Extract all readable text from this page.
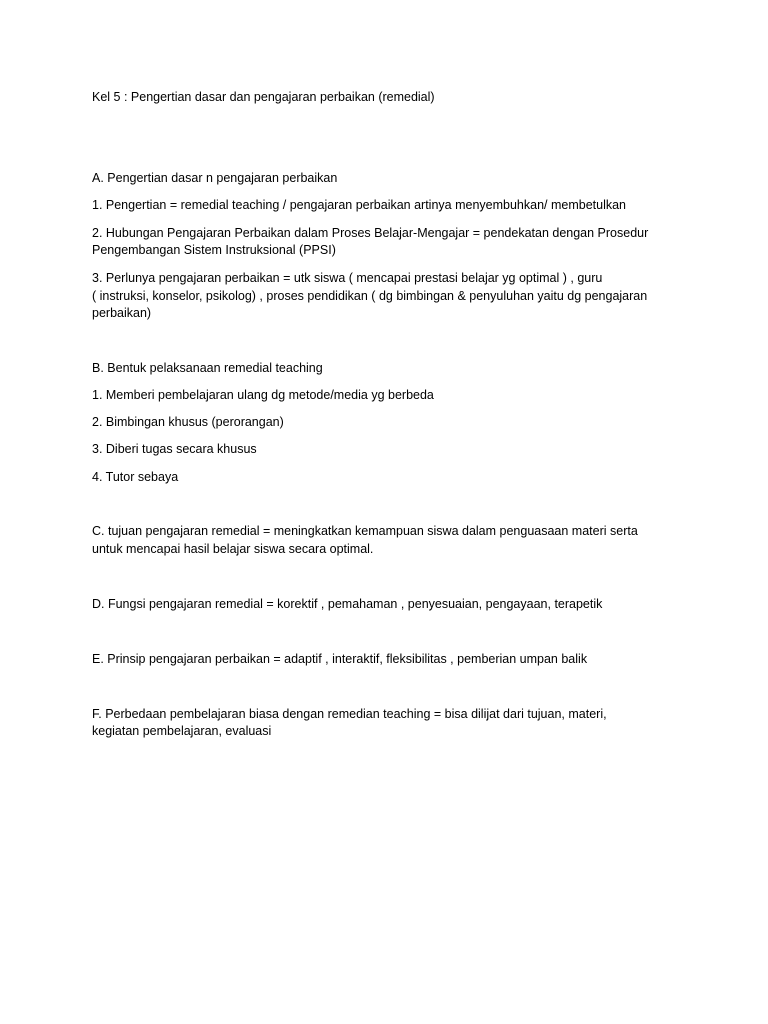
Kel 5 : Pengertian dasar dan pengajaran perbaikan (remedial)
A. Pengertian dasar n pengajaran perbaikan
1. Pengertian = remedial teaching / pengajaran perbaikan artinya menyembuhkan/ membetulkan
2. Hubungan Pengajaran Perbaikan dalam Proses Belajar-Mengajar = pendekatan dengan Prosedur
Pengembangan Sistem Instruksional (PPSI)
3. Perlunya pengajaran perbaikan = utk siswa ( mencapai prestasi belajar yg optimal ) , guru
( instruksi, konselor, psikolog) , proses pendidikan ( dg bimbingan & penyuluhan yaitu dg pengajaran
perbaikan)
B. Bentuk pelaksanaan remedial teaching
1. Memberi pembelajaran ulang dg metode/media yg berbeda
2. Bimbingan khusus (perorangan)
3. Diberi tugas secara khusus
4. Tutor sebaya
C. tujuan pengajaran remedial = meningkatkan kemampuan siswa dalam penguasaan materi serta
untuk mencapai hasil belajar siswa secara optimal.
D. Fungsi pengajaran remedial = korektif , pemahaman , penyesuaian, pengayaan, terapetik
E. Prinsip pengajaran perbaikan = adaptif , interaktif, fleksibilitas , pemberian umpan balik
F. Perbedaan pembelajaran biasa dengan remedian teaching = bisa dilijat dari tujuan, materi,
kegiatan pembelajaran, evaluasi
